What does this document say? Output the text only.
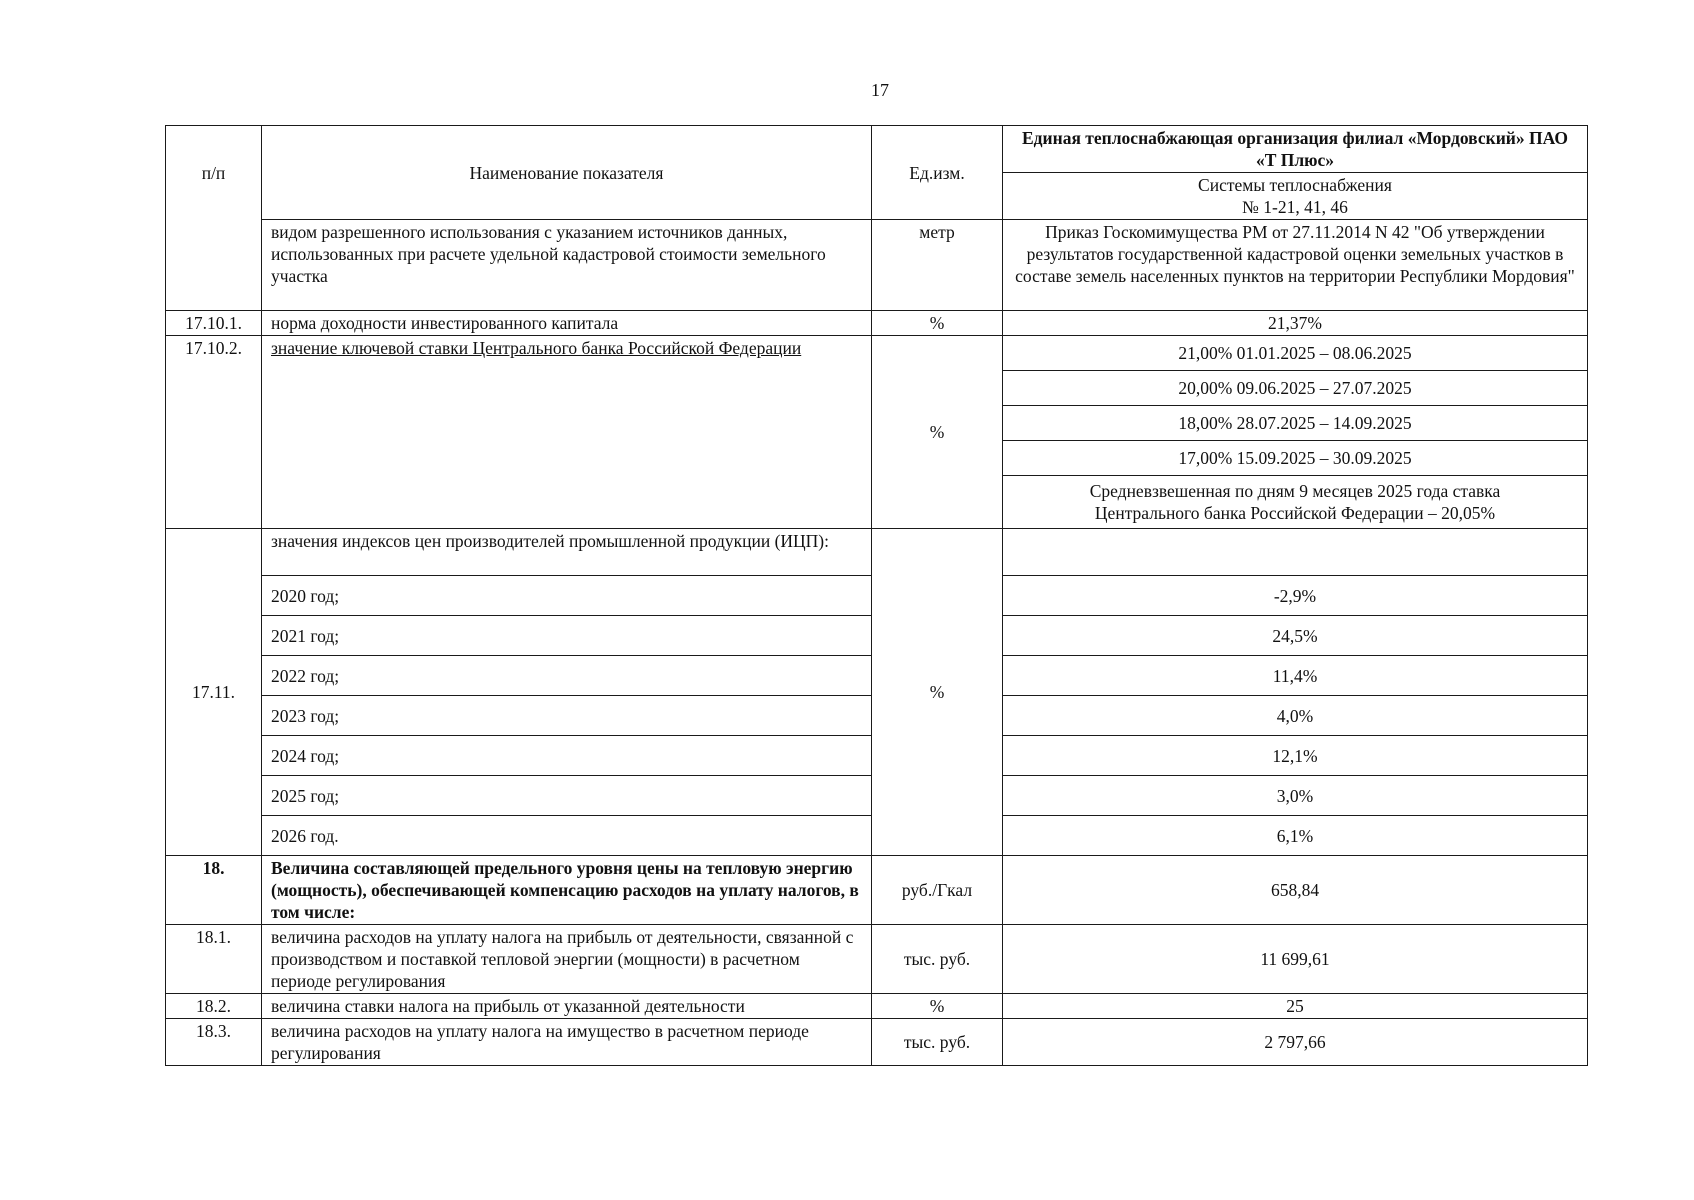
17
п/п	Наименование показателя	Ед.изм.	Единая теплоснабжающая организация филиал «Мордовский» ПАО «Т Плюс»

			Системы теплоснабжения
№ 1-21, 41, 46

	видом разрешенного использования с указанием источников данных, использованных при расчете удельной кадастровой стоимости земельного участка	метр	Приказ Госкомимущества РМ от 27.11.2014 N 42 "Об утверждении результатов государственной кадастровой оценки земельных участков в составе земель населенных пунктов на территории Республики Мордовия"
17.10.1.	норма доходности инвестированного капитала	%	21,37%
17.10.2.	значение ключевой ставки Центрального банка Российской Федерации	%	21,00% 01.01.2025 – 08.06.2025
			20,00% 09.06.2025 – 27.07.2025
			18,00% 28.07.2025 – 14.09.2025
			17,00% 15.09.2025 – 30.09.2025
			Средневзвешенная по дням 9 месяцев 2025 года ставка Центрального банка Российской Федерации – 20,05%
17.11.	значения индексов цен производителей промышленной продукции (ИЦП):	%	
	2020 год;		-2,9%
	2021 год;		24,5%
	2022 год;		11,4%
	2023 год;		4,0%
	2024 год;		12,1%
	2025 год;		3,0%
	2026 год.		6,1%
18.	Величина составляющей предельного уровня цены на тепловую энергию (мощность), обеспечивающей компенсацию расходов на уплату налогов, в том числе:	руб./Гкал	658,84
18.1.	величина расходов на уплату налога на прибыль от деятельности, связанной с производством и поставкой тепловой энергии (мощности) в расчетном периоде регулирования	тыс. руб.	11 699,61
18.2.	величина ставки налога на прибыль от указанной деятельности	%	25
18.3.	величина расходов на уплату налога на имущество в расчетном периоде регулирования	тыс. руб.	2 797,66
